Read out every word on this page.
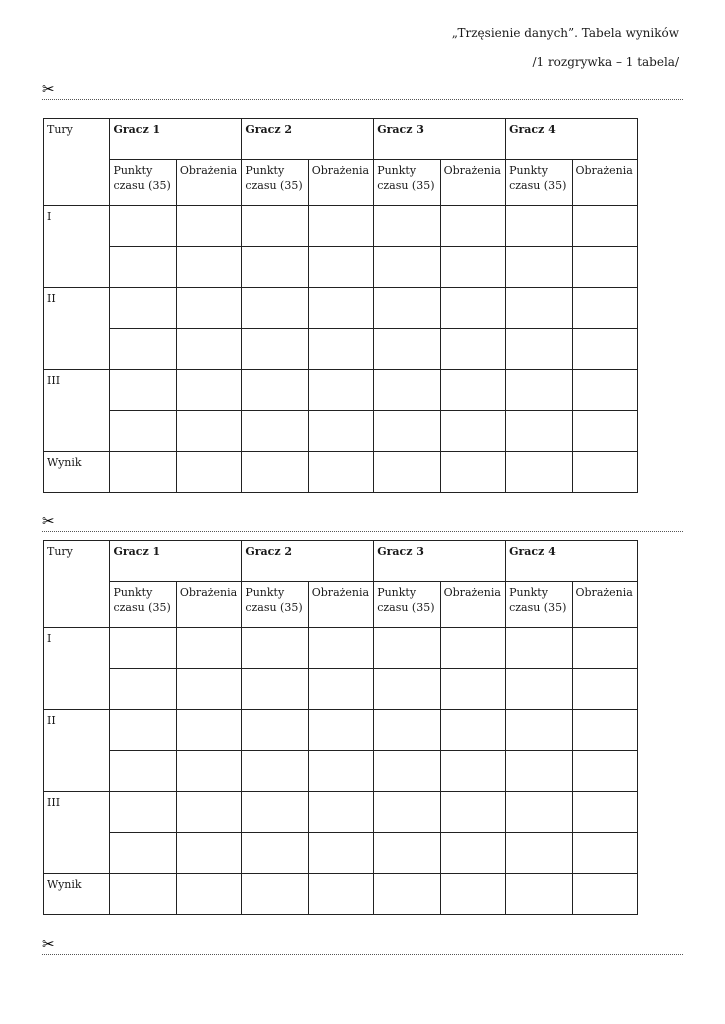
„Trzęsienie danych”. Tabela wyników
/1 rozgrywka – 1 tabela/
✂
✂
✂
Tury	Gracz 1		Gracz 2		Gracz 3		Gracz 4	
	Punkty czasu (35)	Obrażenia	Punkty czasu (35)	Obrażenia	Punkty czasu (35)	Obrażenia	Punkty czasu (35)	Obrażenia
I								

II								

III								

Wynik								
Tury	Gracz 1		Gracz 2		Gracz 3		Gracz 4	
	Punkty czasu (35)	Obrażenia	Punkty czasu (35)	Obrażenia	Punkty czasu (35)	Obrażenia	Punkty czasu (35)	Obrażenia
I								

II								

III								

Wynik								
